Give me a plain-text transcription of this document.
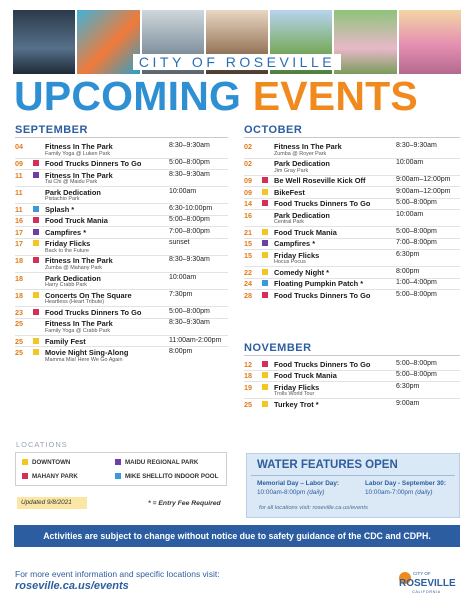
CITY OF ROSEVILLE
UPCOMING EVENTS
SEPTEMBER	OCTOBER
NOVEMBER
04	Fitness In The Park
Family Yoga @ Luken Park
8:30–9:30am
09	Food Trucks Dinners To Go	5:00–8:00pm
11	Fitness In The Park
Tai Chi @ Maidu Park
8:30–9:30am
11	Park Dedication
Pistachio Park
10:00am
11	Splash *	6:30-10:00pm
16	Food Truck Mania	5:00–8:00pm
17	Campfires *	7:00–8:00pm
17	Friday Flicks
Back to the Future
sunset
18	Fitness In The Park
Zumba @ Mahany Park
8:30–9:30am
18	Park Dedication
Harry Crabb Park
10:00am
18	Concerts On The Square
Heartless (Heart Tribute)
7:30pm
23	Food Trucks Dinners To Go	5:00–8:00pm
25	Fitness In The Park
Family Yoga @ Crabb Park
8:30–9:30am
25	Family Fest	11:00am-2:00pm
25	Movie Night Sing-Along
Mamma Mia! Here We Go Again
8:00pm
02	Fitness In The Park
Zumba @ Royer Park
8:30–9:30am
02	Park Dedication
Jim Gray Park
10:00am
09	Be Well Roseville Kick Off	9:00am–12:00pm
09	BikeFest	9:00am–12:00pm
14	Food Trucks Dinners To Go	5:00–8:00pm
16	Park Dedication
Central Park
10:00am
21	Food Truck Mania	5:00–8:00pm
15	Campfires *	7:00–8:00pm
15	Friday Flicks
Hocus Pocus
6:30pm
22	Comedy Night *	8:00pm
24	Floating Pumpkin Patch *	1:00–4:00pm
28	Food Trucks Dinners To Go	5:00–8:00pm
12	Food Trucks Dinners To Go	5:00–8:00pm
18	Food Truck Mania	5:00–8:00pm
19	Friday Flicks
Trolls World Tour
6:30pm
25	Turkey Trot *	9:00am
LOCATIONS
DOWNTOWN
MAHANY PARK
MAIDU REGIONAL PARK
MIKE SHELLITO INDOOR POOL
Updated 9/8/2021	* = Entry Fee Required
WATER FEATURES OPEN
Memorial Day – Labor Day:
10:00am-8:00pm (daily)
Labor Day - September 30:
10:00am-7:00pm (daily)
for all locations visit: roseville.ca.us/events
Activities are subject to change without notice due to safety guidance of the CDC and CDPH.
For more event information and specific locations visit:
roseville.ca.us/events
CITY OF
ROSEVILLE
CALIFORNIA
